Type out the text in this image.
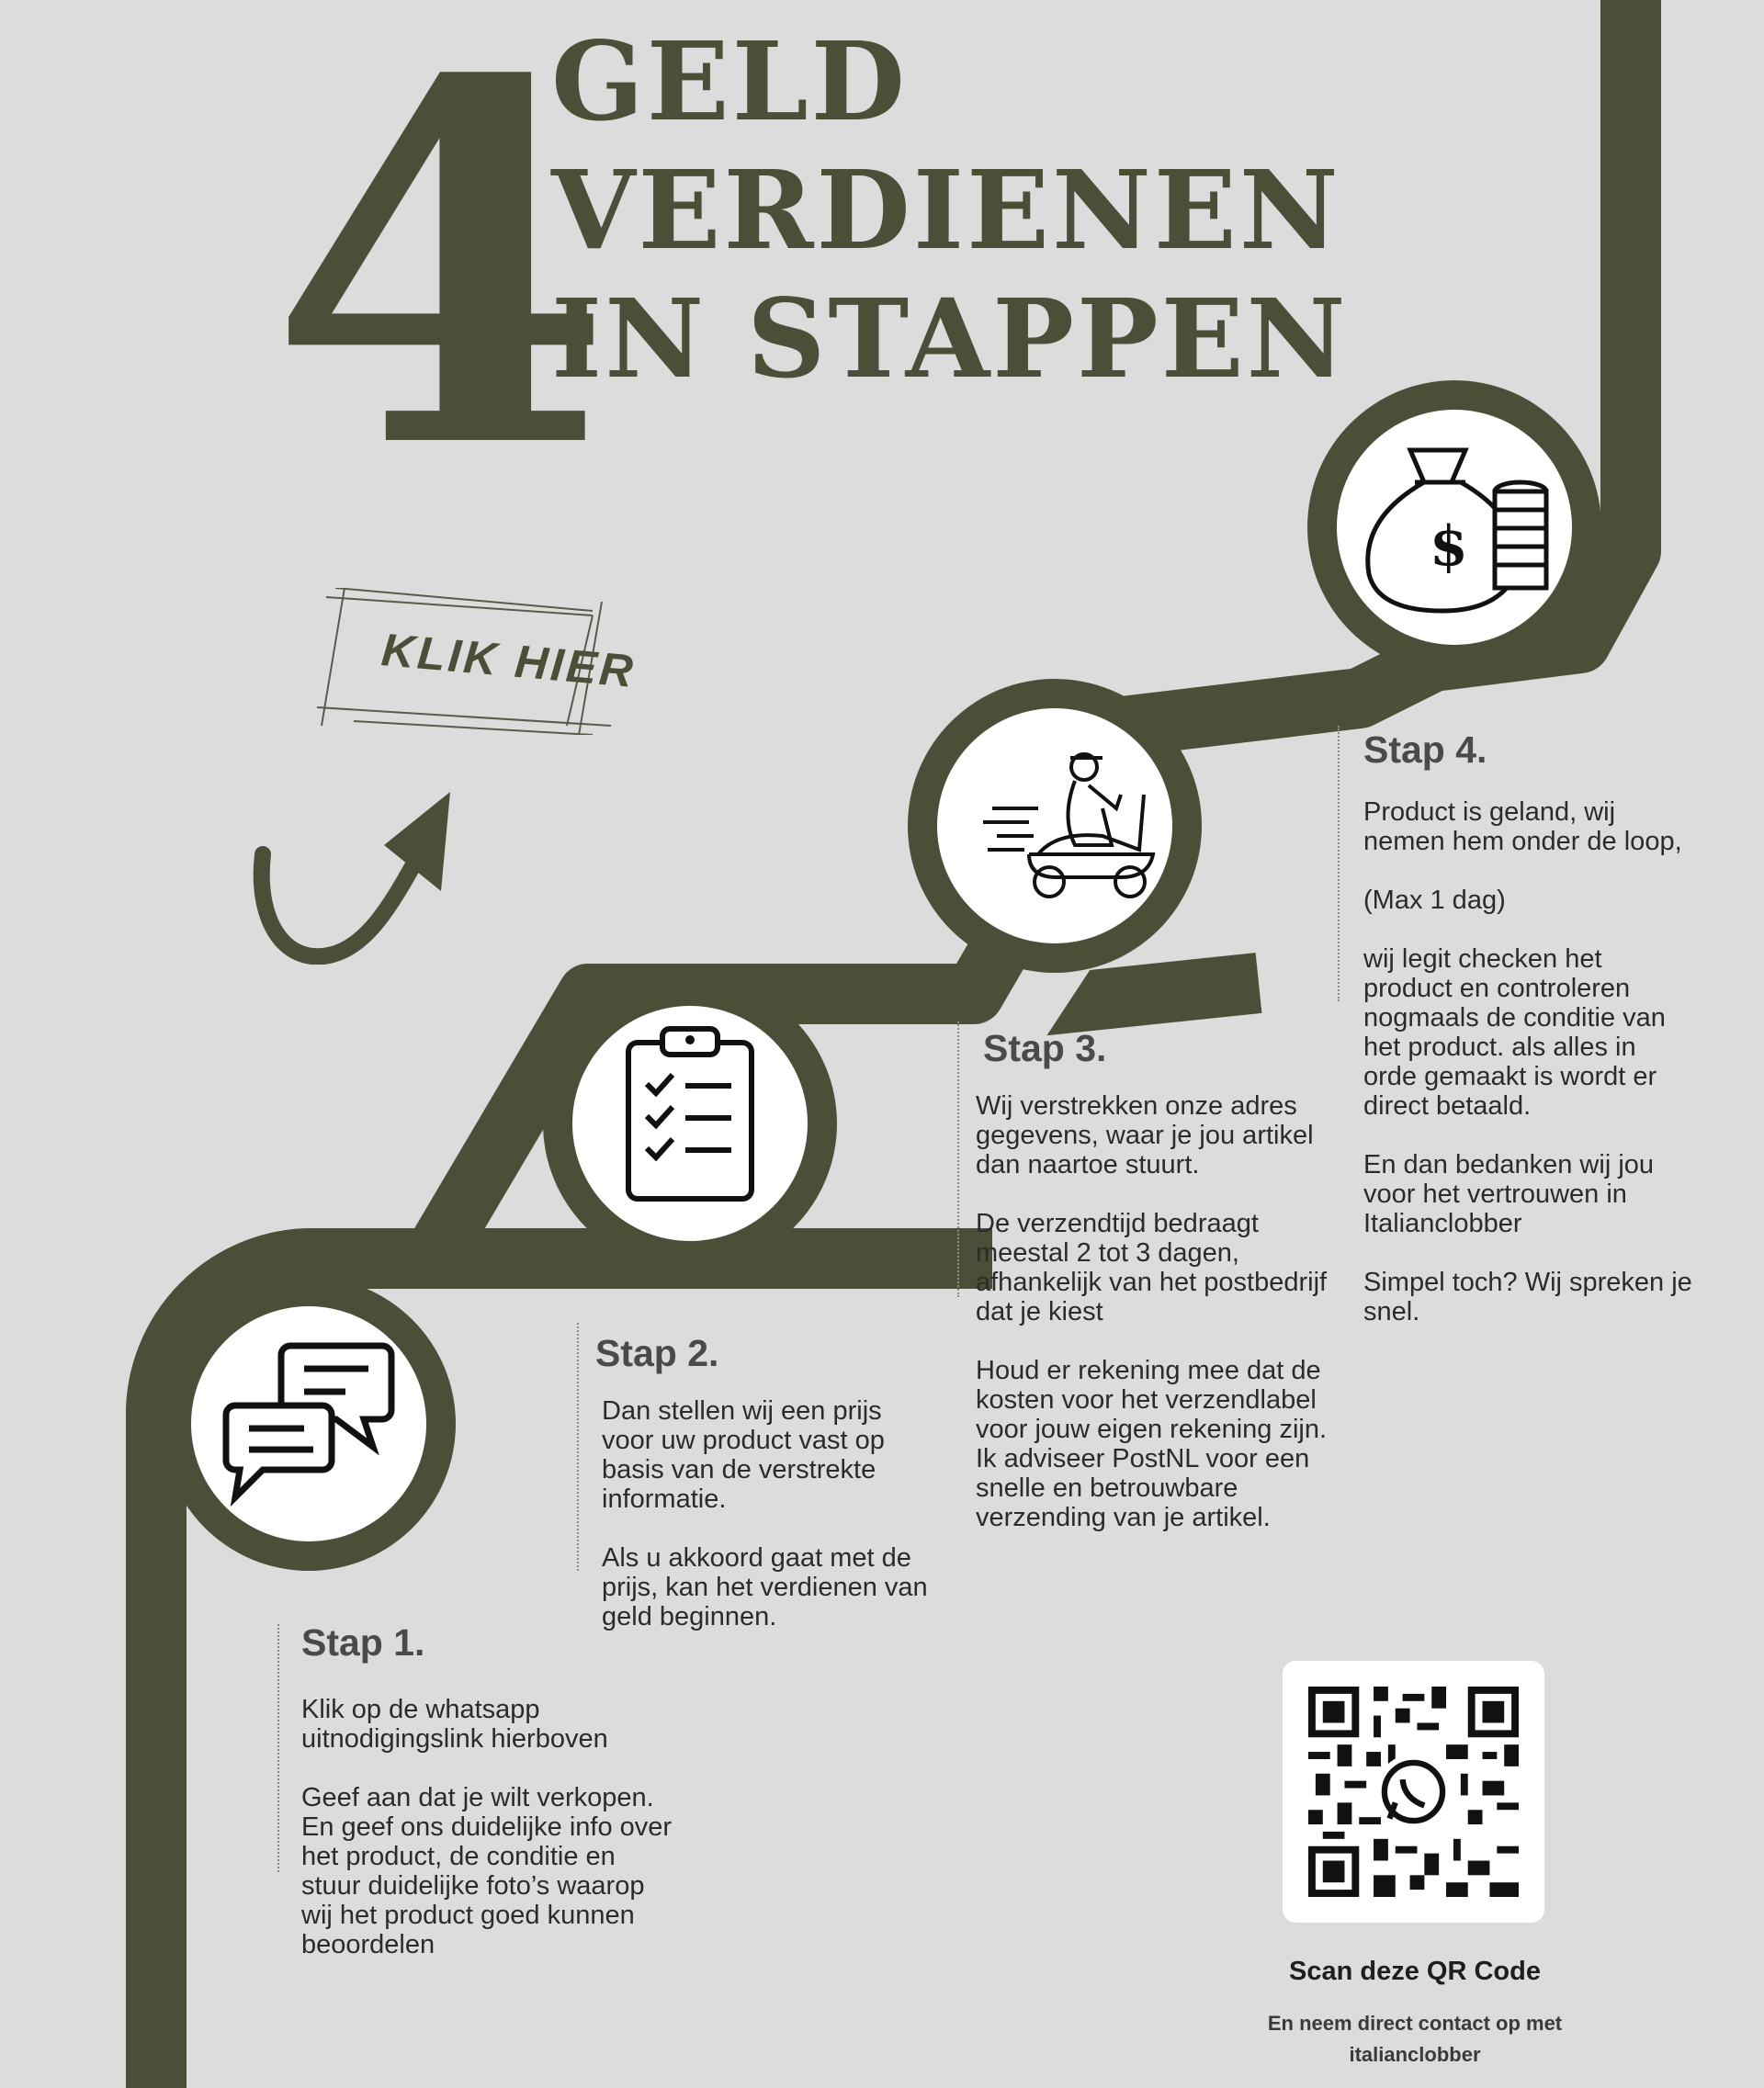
4
GELD
VERDIENEN
IN STAPPEN
KLIK HIER
$
Stap 1.
Klik op de whatsapp
uitnodigingslink hierboven

Geef aan dat je wilt verkopen.
En geef ons duidelijke info over
het product, de conditie en
stuur duidelijke foto’s waarop
wij het product goed kunnen
beoordelen
Stap 2.
Dan stellen wij een prijs
voor uw product vast op
basis van de verstrekte
informatie.

Als u akkoord gaat met de
prijs, kan het verdienen van
geld beginnen.
Stap 3.
Wij verstrekken onze adres
gegevens, waar je jou artikel
dan naartoe stuurt.

De verzendtijd bedraagt
meestal 2 tot 3 dagen,
afhankelijk van het postbedrijf
dat je kiest

Houd er rekening mee dat de
kosten voor het verzendlabel
voor jouw eigen rekening zijn.
Ik adviseer PostNL voor een
snelle en betrouwbare
verzending van je artikel.
Stap 4.
Product is geland, wij
nemen hem onder de loop,

(Max 1 dag)

wij legit checken het
product en controleren
nogmaals de conditie van
het product. als alles in
orde gemaakt is wordt er
direct betaald.

En dan bedanken wij jou
voor het vertrouwen in
Italianclobber

Simpel toch? Wij spreken je
snel.
Scan deze QR Code
En neem direct contact op met
italianclobber
